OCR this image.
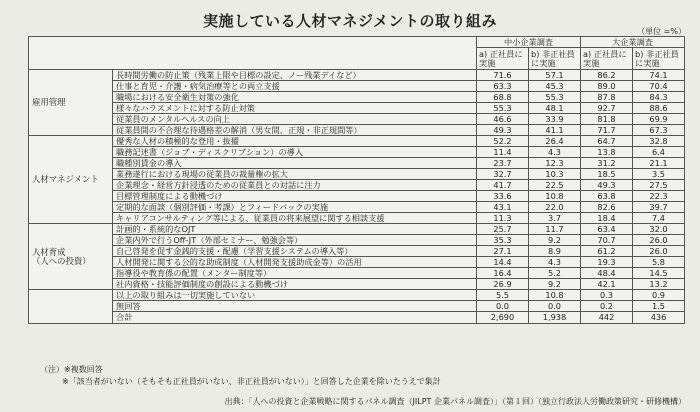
実施している人材マネジメントの取り組み
（単位 =%）
		中小企業調査		大企業調査	
		a) 正社員に実施	b) 非正社員に実施	a) 正社員に実施	b) 非正社員に実施
雇用管理	長時間労働の防止策（残業上限や目標の設定、ノー残業デイなど）	71.6	57.1	86.2	74.1
	仕事と育児・介護・病気治療等との両立支援	63.3	45.3	89.0	70.4
	職場における安全衛生対策の強化	68.8	55.3	87.8	84.3
	様々なハラスメントに対する防止対策	55.3	48.1	92.7	88.6
	従業員のメンタルヘルスの向上	46.6	33.9	81.8	69.9
	従業員間の不合理な待遇格差の解消（男女間、正規・非正規間等）	49.3	41.1	71.7	67.3
人材マネジメント	優秀な人材の積極的な登用・抜擢	52.2	26.4	64.7	32.8
	職務記述書（ジョブ・ディスクリプション）の導入	11.4	4.3	13.8	6.4
	職種別賃金の導入	23.7	12.3	31.2	21.1
	業務遂行における現場の従業員の裁量権の拡大	32.7	10.3	18.5	3.5
	企業理念・経営方針浸透のための従業員との対話に注力	41.7	22.5	49.3	27.5
	目標管理制度による動機づけ	33.6	10.8	63.8	22.3
	定期的な面談（個別評価・考課）とフィードバックの実施	43.1	22.0	82.6	39.7
	キャリアコンサルティング等による、従業員の将来展望に関する相談支援	11.3	3.7	18.4	7.4
人材育成
（人への投資）	計画的・系統的なOJT	25.7	11.7	63.4	32.0
	企業内外で行うOff-JT（外部セミナー、勉強会等）	35.3	9.2	70.7	26.0
	自己啓発を促す金銭的支援・配慮（学習支援システムの導入等）	27.1	8.9	61.2	26.0
	人材開発に関する公的な助成制度（人材開発支援助成金等）の活用	14.4	4.3	19.3	5.8
	指導役や教育係の配置（メンター制度等）	16.4	5.2	48.4	14.5
	社内資格・技能評価制度の創設による動機づけ	26.9	9.2	42.1	13.2
	以上の取り組みは一切実施していない	5.5	10.8	0.3	0.9
	無回答	0.0	0.0	0.2	1.5
	合計	2,690	1,938	442	436
（注）※複数回答
※「該当者がいない（そもそも正社員がいない、非正社員がいない）」と回答した企業を除いたうえで集計
出典：「人への投資と企業戦略に関するパネル調査（JILPT 企業パネル調査）」（第１回）（独立行政法人労働政策研究・研修機構）
